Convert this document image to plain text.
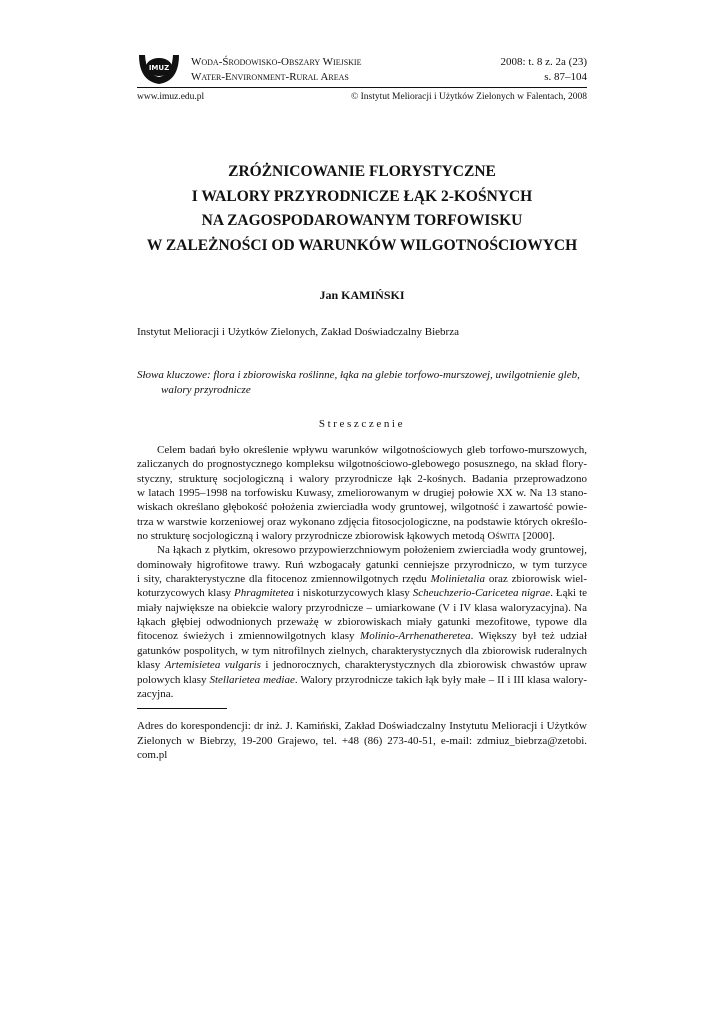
IMUZ Woda-Środowisko-Obszary Wiejskie
Water-Environment-Rural Areas
2008: t. 8 z. 2a (23)
s. 87–104
www.imuz.edu.pl	© Instytut Melioracji i Użytków Zielonych w Falentach, 2008
ZRÓŻNICOWANIE FLORYSTYCZNE
I WALORY PRZYRODNICZE ŁĄK 2-KOŚNYCH
NA ZAGOSPODAROWANYM TORFOWISKU
W ZALEŻNOŚCI OD WARUNKÓW WILGOTNOŚCIOWYCH
Jan KAMIŃSKI
Instytut Melioracji i Użytków Zielonych, Zakład Doświadczalny Biebrza
Słowa kluczowe: flora i zbiorowiska roślinne, łąka na glebie torfowo-murszowej, uwilgotnienie gleb,
walory przyrodnicze
Streszczenie
Celem badań było określenie wpływu warunków wilgotnościowych gleb torfowo-murszowych,
zaliczanych do prognostycznego kompleksu wilgotnościowo-glebowego posusznego, na skład flory-
styczny, strukturę socjologiczną i walory przyrodnicze łąk 2-kośnych. Badania przeprowadzono
w latach 1995–1998 na torfowisku Kuwasy, zmeliorowanym w drugiej połowie XX w. Na 13 stano-
wiskach określano głębokość położenia zwierciadła wody gruntowej, wilgotność i zawartość powie-
trza w warstwie korzeniowej oraz wykonano zdjęcia fitosocjologiczne, na podstawie których określo-
no strukturę socjologiczną i walory przyrodnicze zbiorowisk łąkowych metodą Oświta [2000].
Na łąkach z płytkim, okresowo przypowierzchniowym położeniem zwierciadła wody gruntowej,
dominowały higrofitowe trawy. Ruń wzbogacały gatunki cenniejsze przyrodniczo, w tym turzyce
i sity, charakterystyczne dla fitocenoz zmiennowilgotnych rzędu Molinietalia oraz zbiorowisk wiel-
koturzycowych klasy Phragmitetea i niskoturzycowych klasy Scheuchzerio-Caricetea nigrae. Łąki te
miały największe na obiekcie walory przyrodnicze – umiarkowane (V i IV klasa waloryzacyjna). Na
łąkach głębiej odwodnionych przeważę w zbiorowiskach miały gatunki mezofitowe, typowe dla
fitocenoz świeżych i zmiennowilgotnych klasy Molinio-Arrhenatheretea. Większy był też udział
gatunków pospolitych, w tym nitrofilnych zielnych, charakterystycznych dla zbiorowisk ruderalnych
klasy Artemisietea vulgaris i jednorocznych, charakterystycznych dla zbiorowisk chwastów upraw
polowych klasy Stellarietea mediae. Walory przyrodnicze takich łąk były małe – II i III klasa walory-
zacyjna.
Adres do korespondencji: dr inż. J. Kamiński, Zakład Doświadczalny Instytutu Melioracji i Użytków
Zielonych w Biebrzy, 19-200 Grajewo, tel. +48 (86) 273-40-51, e-mail: zdmiuz_biebrza@zetobi.
com.pl
